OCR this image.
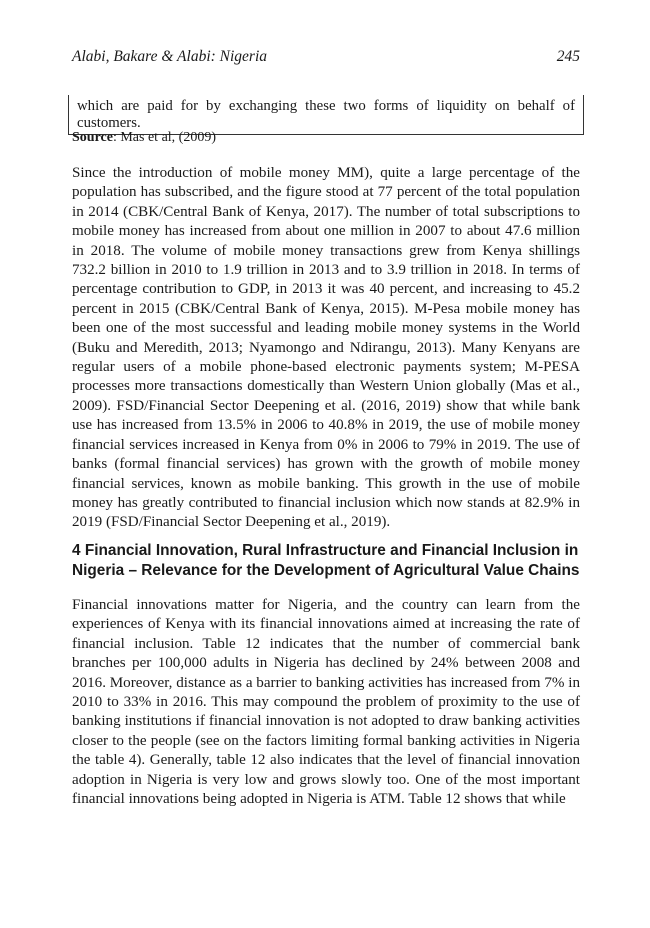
Alabi, Bakare & Alabi: Nigeria	245
which are paid for by exchanging these two forms of liquidity on behalf of customers.
Source: Mas et al, (2009)

Since the introduction of mobile money MM), quite a large percentage of the population has subscribed, and the figure stood at 77 percent of the total population in 2014 (CBK/Central Bank of Kenya, 2017). The number of total subscriptions to mobile money has increased from about one million in 2007 to about 47.6 million in 2018. The volume of mobile money transactions grew from Kenya shillings 732.2 billion in 2010 to 1.9 trillion in 2013 and to 3.9 trillion in 2018. In terms of percentage contribution to GDP, in 2013 it was 40 percent, and increasing to 45.2 percent in 2015 (CBK/Central Bank of Kenya, 2015). M-Pesa mobile money has been one of the most successful and leading mobile money systems in the World (Buku and Meredith, 2013; Nyamongo and Ndirangu, 2013). Many Kenyans are regular users of a mobile phone-based electronic payments system; M-PESA processes more transactions domestically than Western Union globally (Mas et al., 2009). FSD/Financial Sector Deepening et al. (2016, 2019) show that while bank use has increased from 13.5% in 2006 to 40.8% in 2019, the use of mobile money financial services increased in Kenya from 0% in 2006 to 79% in 2019. The use of banks (formal financial services) has grown with the growth of mobile money financial services, known as mobile banking. This growth in the use of mobile money has greatly contributed to financial inclusion which now stands at 82.9% in 2019 (FSD/Financial Sector Deepening et al., 2019).

4 Financial Innovation, Rural Infrastructure and Financial Inclusion in Nigeria – Relevance for the Development of Agricultural Value Chains

Financial innovations matter for Nigeria, and the country can learn from the experiences of Kenya with its financial innovations aimed at increasing the rate of financial inclusion. Table 12 indicates that the number of commercial bank branches per 100,000 adults in Nigeria has declined by 24% between 2008 and 2016. Moreover, distance as a barrier to banking activities has increased from 7% in 2010 to 33% in 2016. This may compound the problem of proximity to the use of banking institutions if financial innovation is not adopted to draw banking activities closer to the people (see on the factors limiting formal banking activities in Nigeria the table 4). Generally, table 12 also indicates that the level of financial innovation adoption in Nigeria is very low and grows slowly too. One of the most important financial innovations being adopted in Nigeria is ATM. Table 12 shows that while
